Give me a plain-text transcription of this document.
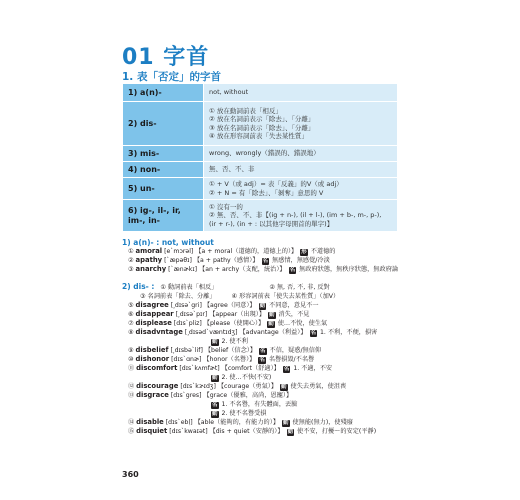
01 字首
1. 表「否定」的字首
1) a(n)-	not, without

2) dis-	① 放在動詞前表「相反」
② 放在名詞前表示「除去」、「分離」
③ 放在名詞前表示「除去」、「分離」
④ 放在形容詞前表「失去某性質」

3) mis-	wrong、wrongly（錯誤的、錯誤地）

4) non-	無、否、不、非

5) un-	① + V（或 adj）= 表「反義」的V（或 adj）
② + N = 有「除去」、「剝奪」意思的 V

6) ig-, il-, ir, im-, in-	① 沒有一的
② 無、否、不、非【(ig + n-), (il + l-), (im + b-, m-, p-),
(ir + r-), (in + : 以其他字母開首的單字)】
1) a(n)- : not, without
① amoral [eˋmɔrəl] 【a + moral（道德的，道德上的）】 形 不道德的
② apathy [ˋæpəθɪ] 【a + pathy（感情）】 名 無感情，無感覺/冷淡
③ anarchy [ˋænɚkɪ] 【an + archy（支配，統治）】 名 無政府狀態，無秩序狀態，無政府論
2) dis- : ① 動詞前表「相反」	② 無, 否, 不, 非, 反對
③ 名詞前表「除去、分離」	④ 形容詞前表「使失去某性質」（加V）
⑤ disagree [͵dɪsəˋgri] 【agree（同意）】 動 不同意，意見不一
⑥ disappear [͵dɪsəˋpɪr] 【appear（出現）】 動 消失，不見
⑦ displease [dɪsˋpliz] 【please（使開心）】 動 使…不悅，使生氣
⑧ disadvntage [͵dɪsədˋvæntɪdʒ] 【advantage（利益）】 名 1. 不利，不便，損害
動 2. 使不利
⑨ disbelief [͵dɪsbəˋlif] 【belief（信念）】 名 不信，疑惑/無信仰
⑩ dishonor [dɪsˋɑnɚ] 【honor（名譽）】 名 名譽損毀/不名譽
⑪ discomfort [dɪsˋkʌmfɚt] 【comfort（舒適）】 名 1. 不適，不安
動 2. 使…不快(不安)
⑫ discourage [dɪsˋkɝɪdʒ] 【courage（勇氣）】 動 使失去勇氣，使沮喪
⑬ disgrace [dɪsˋgres] 【grace（優雅，高尚，恩寵）】
名 1. 不名譽，有失體面，丟臉
動 2. 使不名譽受損
⑭ disable [dɪsˋebḷ] 【able（能夠的，有能力的）】 動 使無能(無力)，使殘廢
⑮ disquiet [dɪsˋkwaɪət] 【dis + quiet（安靜的）】 動 使不安，打擾～的安定(平靜)
360
